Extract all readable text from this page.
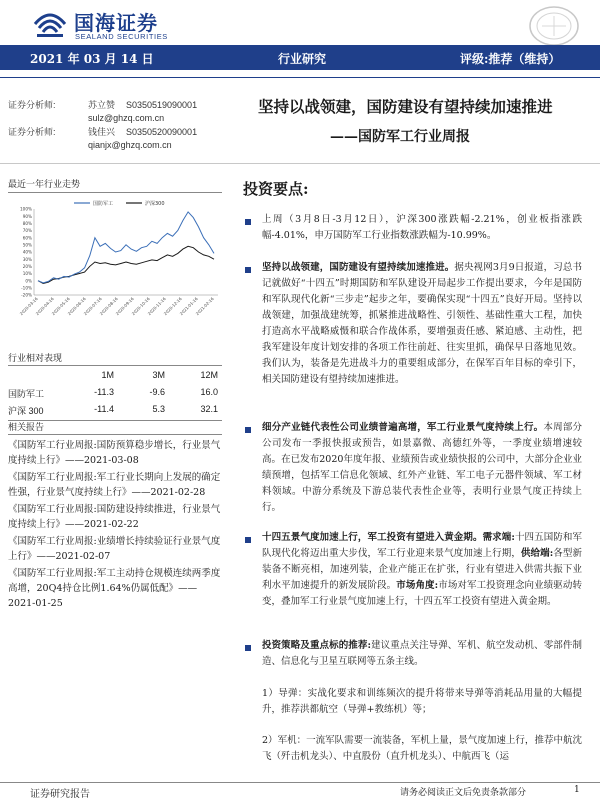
国海证券
SEALAND SECURITIES
2021 年 03 月 14 日	行业研究	评级:推荐（维持）
证券分析师:	苏立赞 S0350519090001
sulz@ghzq.com.cn
证券分析师:	钱佳兴 S0350520090001
qianjx@ghzq.com.cn
坚持以战领建，国防建设有望持续加速推进
——国防军工行业周报
最近一年行业走势
国防军工	沪深300
100%
90%
80%
70%
60%
50%
40%
30%
20%
10%
0%
-10%
-20%
2020-03-16
2020-04-16
2020-05-16
2020-06-16
2020-07-16
2020-08-16
2020-09-16
2020-10-16
2020-11-16
2020-12-16
2021-01-16
2021-02-16
行业相对表现
1M	3M	12M
国防军工	-11.3	-9.6	16.0
沪深 300	-11.4	5.3	32.1
相关报告
《国防军工行业周报:国防预算稳步增长，行业景气度持续上行》——2021-03-08
《国防军工行业周报:军工行业长期向上发展的确定性强，行业景气度持续上行》——2021-02-28
《国防军工行业周报:国防建设持续推进，行业景气度持续上行》——2021-02-22
《国防军工行业周报:业绩增长持续验证行业景气度上行》——2021-02-07
《国防军工行业周报:军工主动持仓规模连续两季度高增，20Q4持仓比例1.64%仍属低配》——2021-01-25
投资要点:
上周（3月8日-3月12日），沪深300涨跌幅-2.21%，创业板指涨跌幅-4.01%，申万国防军工行业指数涨跌幅为-10.99%。
坚持以战领建，国防建设有望持续加速推进。据央视网3月9日报道，习总书记就做好“十四五”时期国防和军队建设开局起步工作提出要求，今年是国防和军队现代化新“三步走”起步之年，要确保实现“十四五”良好开局。坚持以战领建，加强战建统筹，抓紧推进战略性、引领性、基础性重大工程，加快打造高水平战略威慑和联合作战体系，要增强责任感、紧迫感、主动性，把我军建设年度计划安排的各项工作往前赶、往实里抓，确保早日落地见效。我们认为，装备是先进战斗力的重要组成部分，在保军百年目标的牵引下，相关国防建设有望持续加速推进。
细分产业链代表性公司业绩普遍高增，军工行业景气度持续上行。本周部分公司发布一季报快报或预告，如景嘉微、高德红外等，一季度业绩增速较高。在已发布2020年度年报、业绩预告或业绩快报的公司中，大部分企业业绩预增，包括军工信息化领域、红外产业链、军工电子元器件领域、军工材料领域。中游分系统及下游总装代表性企业等，表明行业景气度正持续上行。
十四五景气度加速上行，军工投资有望进入黄金期。需求端:十四五国防和军队现代化将迈出重大步伐，军工行业迎来景气度加速上行期，供给端:各型新装备不断亮相，加速列装，企业产能正在扩张，行业有望进入供需共振下业利水平加速提升的新发展阶段。市场角度:市场对军工投资理念向业绩驱动转变，叠加军工行业景气度加速上行，十四五军工投资有望进入黄金期。
投资策略及重点标的推荐:建议重点关注导弹、军机、航空发动机、零部件制造、信息化与卫星互联网等五条主线。
1）导弹：实战化要求和训练频次的提升将带来导弹等消耗品用量的大幅提升，推荐洪都航空（导弹+教练机）等；
2）军机：一流军队需要一流装备，军机上量，景气度加速上行，推荐中航沈飞（歼击机龙头）、中直股份（直升机龙头）、中航西飞（运
证券研究报告	请务必阅读正文后免责条款部分	1
